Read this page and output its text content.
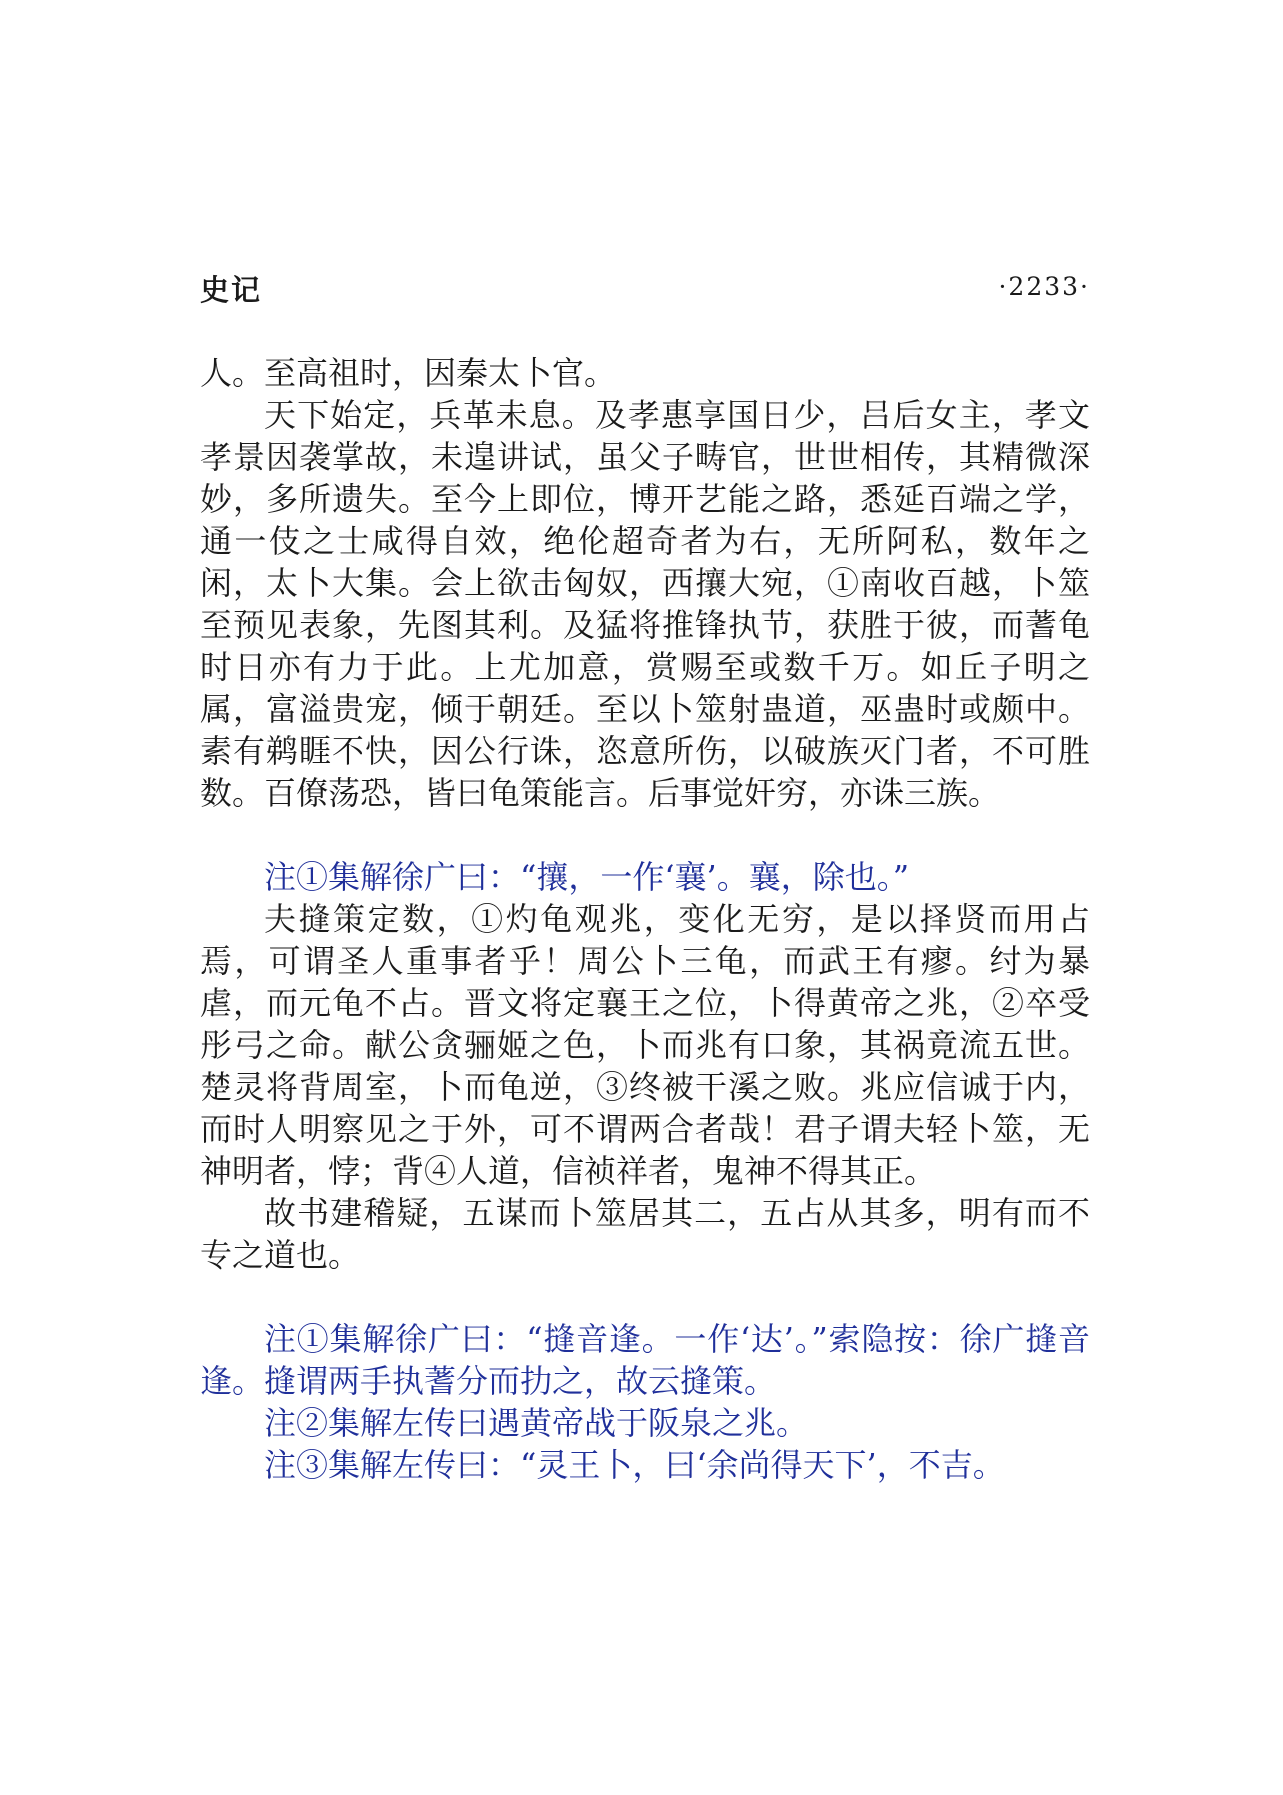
史记	·2233·

人。至高祖时，因秦太卜官。

天下始定，兵革未息。及孝惠享国日少，吕后女主，孝文孝景因袭掌故，未遑讲试，虽父子畴官，世世相传，其精微深妙，多所遗失。至今上即位，博开艺能之路，悉延百端之学，通一伎之士咸得自效，绝伦超奇者为右，无所阿私，数年之闲，太卜大集。会上欲击匈奴，西攘大宛，①南收百越，卜筮至预见表象，先图其利。及猛将推锋执节，获胜于彼，而蓍龟时日亦有力于此。上尤加意，赏赐至或数千万。如丘子明之属，富溢贵宠，倾于朝廷。至以卜筮射蛊道，巫蛊时或颇中。素有鹈睚不快，因公行诛，恣意所伤，以破族灭门者，不可胜数。百僚荡恐，皆曰龟策能言。后事觉奸穷，亦诛三族。

注①集解徐广曰：“攘，一作‘襄’。襄，除也。”

夫摓策定数，①灼龟观兆，变化无穷，是以择贤而用占焉，可谓圣人重事者乎！周公卜三龟，而武王有瘳。纣为暴虐，而元龟不占。晋文将定襄王之位，卜得黄帝之兆，②卒受彤弓之命。献公贪骊姬之色，卜而兆有口象，其祸竟流五世。楚灵将背周室，卜而龟逆，③终被干溪之败。兆应信诚于内，而时人明察见之于外，可不谓两合者哉！君子谓夫轻卜筮，无神明者，悖；背④人道，信祯祥者，鬼神不得其正。

故书建稽疑，五谋而卜筮居其二，五占从其多，明有而不专之道也。

注①集解徐广曰：“摓音逢。一作‘达’。”索隐按：徐广摓音逢。摓谓两手执蓍分而扐之，故云摓策。

注②集解左传曰遇黄帝战于阪泉之兆。

注③集解左传曰：“灵王卜，曰‘余尚得天下’，不吉。
